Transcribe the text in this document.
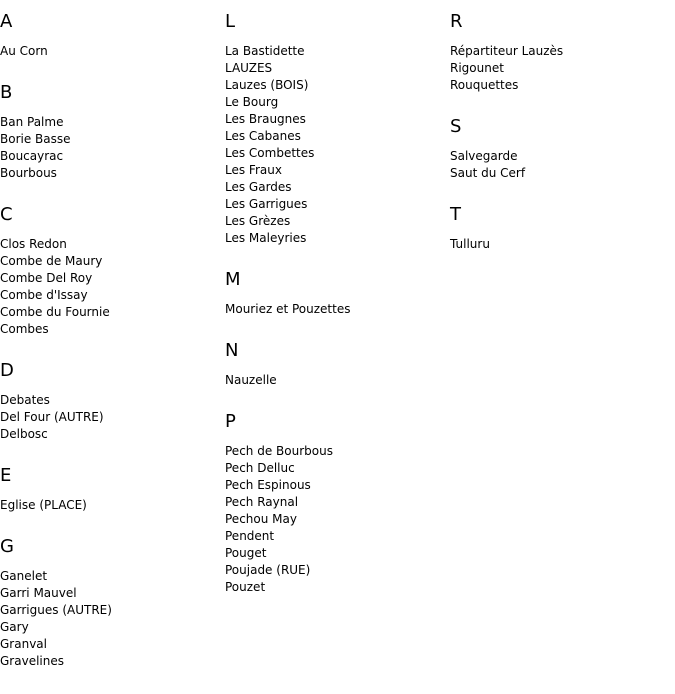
A
Au Corn
B
Ban Palme
Borie Basse
Boucayrac
Bourbous
C
Clos Redon
Combe de Maury
Combe Del Roy
Combe d'Issay
Combe du Fournie
Combes
D
Debates
Del Four (AUTRE)
Delbosc
E
Eglise (PLACE)
G
Ganelet
Garri Mauvel
Garrigues (AUTRE)
Gary
Granval
Gravelines
L
La Bastidette
LAUZES
Lauzes (BOIS)
Le Bourg
Les Braugnes
Les Cabanes
Les Combettes
Les Fraux
Les Gardes
Les Garrigues
Les Grèzes
Les Maleyries
M
Mouriez et Pouzettes
N
Nauzelle
P
Pech de Bourbous
Pech Delluc
Pech Espinous
Pech Raynal
Pechou May
Pendent
Pouget
Poujade (RUE)
Pouzet
R
Répartiteur Lauzès
Rigounet
Rouquettes
S
Salvegarde
Saut du Cerf
T
Tulluru
